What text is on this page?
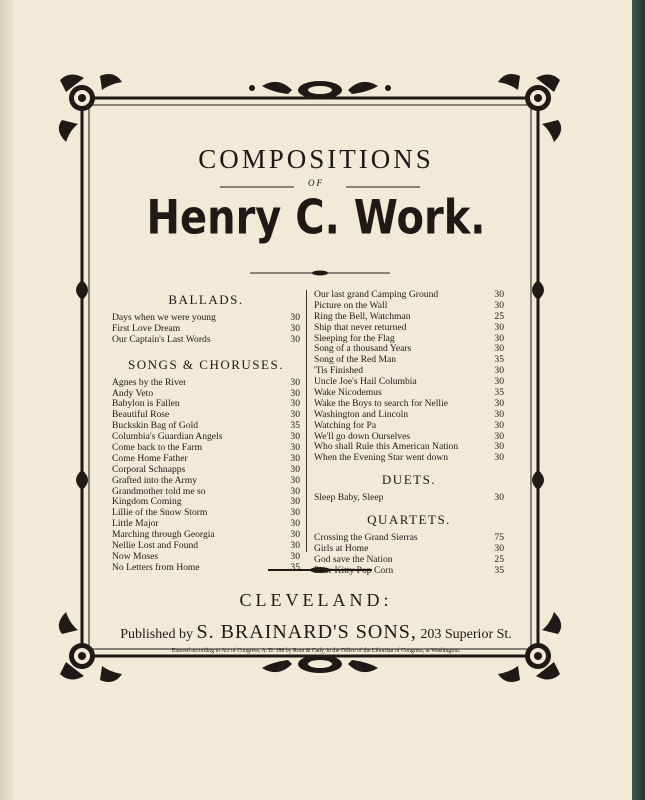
COMPOSITIONS
OF
Henry C. Work.
BALLADS.
Days when we were young	30
First Love Dream	30
Our Captain's Last Words	30
SONGS & CHORUSES.
Agnes by the River	30
Andy Veto	30
Babylon is Fallen	30
Beautiful Rose	30
Buckskin Bag of Gold	35
Columbia's Guardian Angels	30
Come back to the Farm	30
Come Home Father	30
Corporal Schnapps	30
Grafted into the Army	30
Grandmother told me so	30
Kingdom Coming	30
Lillie of the Snow Storm	30
Little Major	30
Marching through Georgia	30
Nellie Lost and Found	30
Now Moses	30
No Letters from Home	35
Our last grand Camping Ground	30
Picture on the Wall	30
Ring the Bell, Watchman	25
Ship that never returned	30
Sleeping for the Flag	30
Song of a thousand Years	30
Song of the Red Man	35
'Tis Finished	30
Uncle Joe's Hail Columbia	30
Wake Nicodemus	35
Wake the Boys to search for Nellie	30
Washington and Lincoln	30
Watching for Pa	30
We'll go down Ourselves	30
Who shall Rule this American Nation	30
When the Evening Star went down	30
DUETS.
Sleep Baby, Sleep	30
QUARTETS.
Crossing the Grand Sierras	75
Girls at Home	30
God save the Nation	25
Poor Kitty Pop Corn	35
CLEVELAND:
Published by S. BRAINARD'S SONS, 203 Superior St.
Entered according to Act of Congress, A. D. 186 by Root & Cady, in the Office of the Librarian of Congress, at Washington.
